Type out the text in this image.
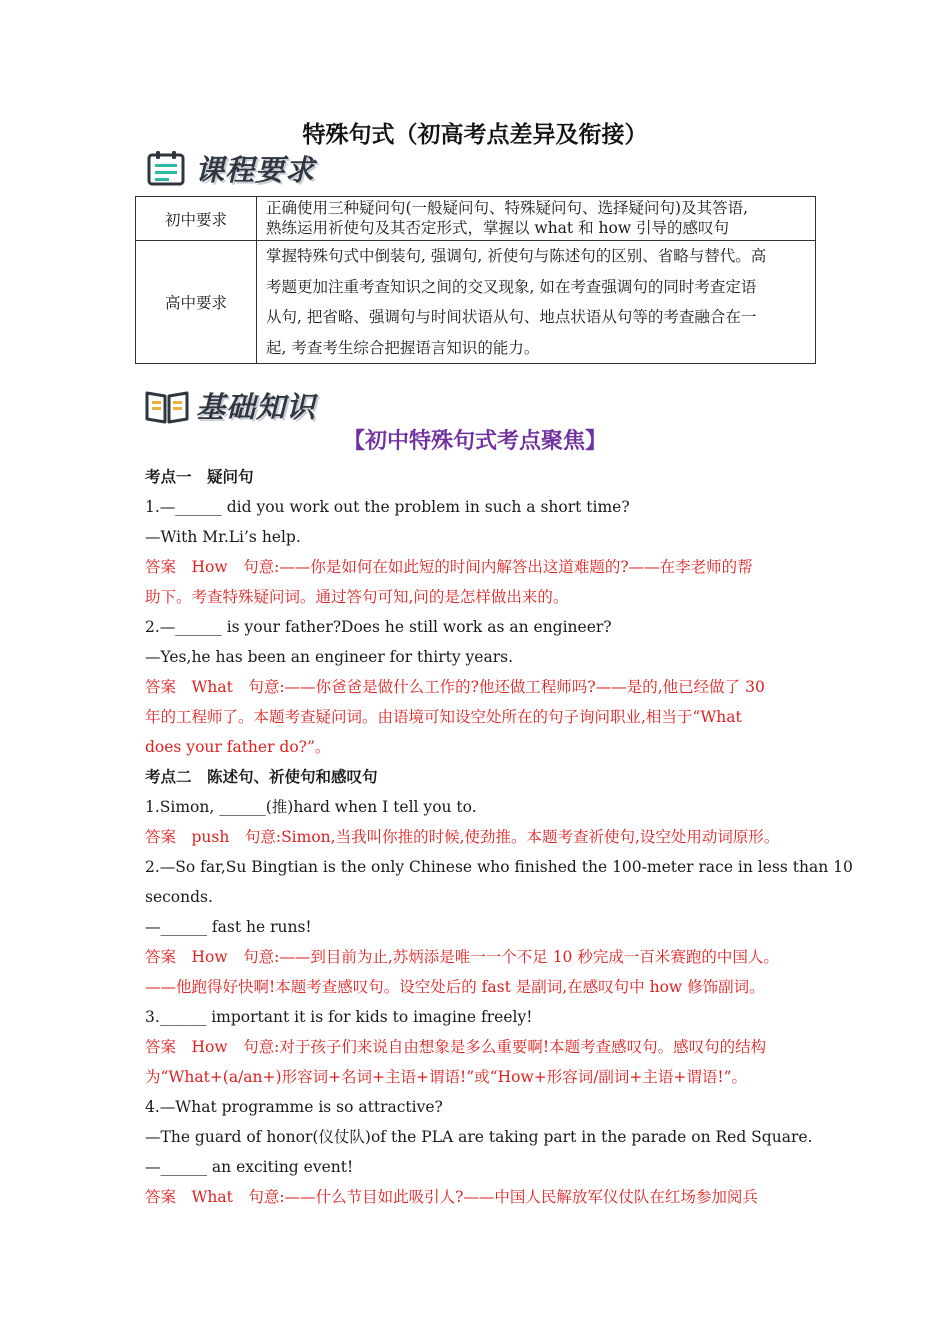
特殊句式（初高考点差异及衔接）
课程要求
初中要求	正确使用三种疑问句(一般疑问句、特殊疑问句、选择疑问句)及其答语,
熟练运用祈使句及其否定形式，掌握以 what 和 how 引导的感叹句

高中要求	掌握特殊句式中倒装句, 强调句, 祈使句与陈述句的区别、省略与替代。高
考题更加注重考查知识之间的交叉现象, 如在考查强调句的同时考查定语
从句, 把省略、强调句与时间状语从句、地点状语从句等的考查融合在一
起, 考查考生综合把握语言知识的能力。
基础知识
【初中特殊句式考点聚焦】
考点一　疑问句
1.—______ did you work out the problem in such a short time?
—With Mr.Li’s help.
答案　How　句意:——你是如何在如此短的时间内解答出这道难题的?——在李老师的帮
助下。考查特殊疑问词。通过答句可知,问的是怎样做出来的。
2.—______ is your father?Does he still work as an engineer?
—Yes,he has been an engineer for thirty years.
答案　What　句意:——你爸爸是做什么工作的?他还做工程师吗?——是的,他已经做了 30
年的工程师了。本题考查疑问词。由语境可知设空处所在的句子询问职业,相当于“What
does your father do?”。
考点二　陈述句、祈使句和感叹句
1.Simon, ______(推)hard when I tell you to.
答案　push　句意:Simon,当我叫你推的时候,使劲推。本题考查祈使句,设空处用动词原形。
2.—So far,Su Bingtian is the only Chinese who finished the 100-meter race in less than 10
seconds.
—______ fast he runs!
答案　How　句意:——到目前为止,苏炳添是唯一一个不足 10 秒完成一百米赛跑的中国人。
——他跑得好快啊!本题考查感叹句。设空处后的 fast 是副词,在感叹句中 how 修饰副词。
3.______ important it is for kids to imagine freely!
答案　How　句意:对于孩子们来说自由想象是多么重要啊!本题考查感叹句。感叹句的结构
为“What+(a/an+)形容词+名词+主语+谓语!”或“How+形容词/副词+主语+谓语!”。
4.—What programme is so attractive?
—The guard of honor(仪仗队)of the PLA are taking part in the parade on Red Square.
—______ an exciting event!
答案　What　句意:——什么节目如此吸引人?——中国人民解放军仪仗队在红场参加阅兵
